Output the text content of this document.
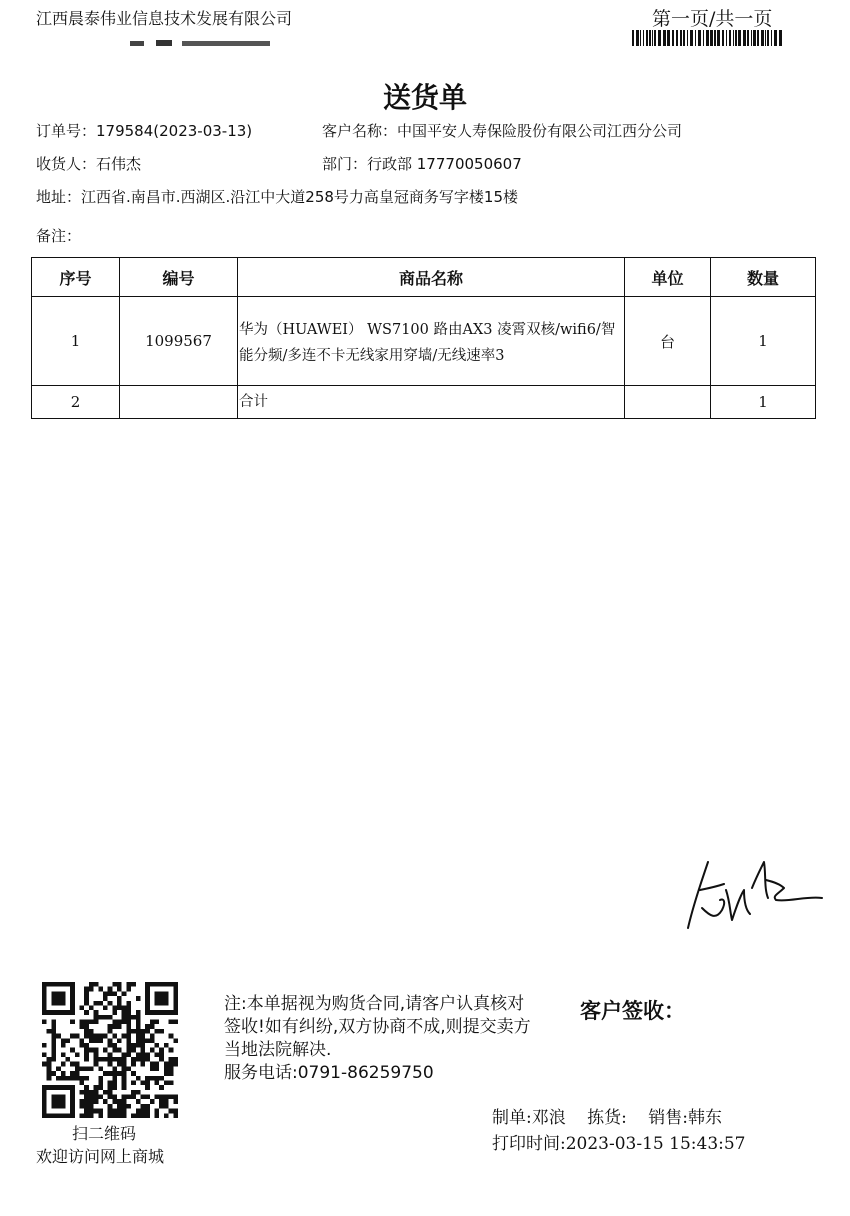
江西晨泰伟业信息技术发展有限公司	第一页/共一页
送货单
订单号：179584(2023-03-13)	客户名称：中国平安人寿保险股份有限公司江西分公司
收货人：石伟杰	部门：行政部 17770050607
地址：江西省.南昌市.西湖区.沿江中大道258号力高皇冠商务写字楼15楼
备注：
序号	编号	商品名称	单位	数量
1	1099567	华为（HUAWEI） WS7100 路由AX3 凌霄双核/wifi6/智能分频/多连不卡无线家用穿墙/无线速率3	台	1
2		合计		1
扫二维码
欢迎访问网上商城
注:本单据视为购货合同,请客户认真核对签收!如有纠纷,双方协商不成,则提交卖方当地法院解决.
服务电话:0791-86259750
客户签收：
制单:邓浪 拣货: 销售:韩东
打印时间:2023-03-15 15:43:57
